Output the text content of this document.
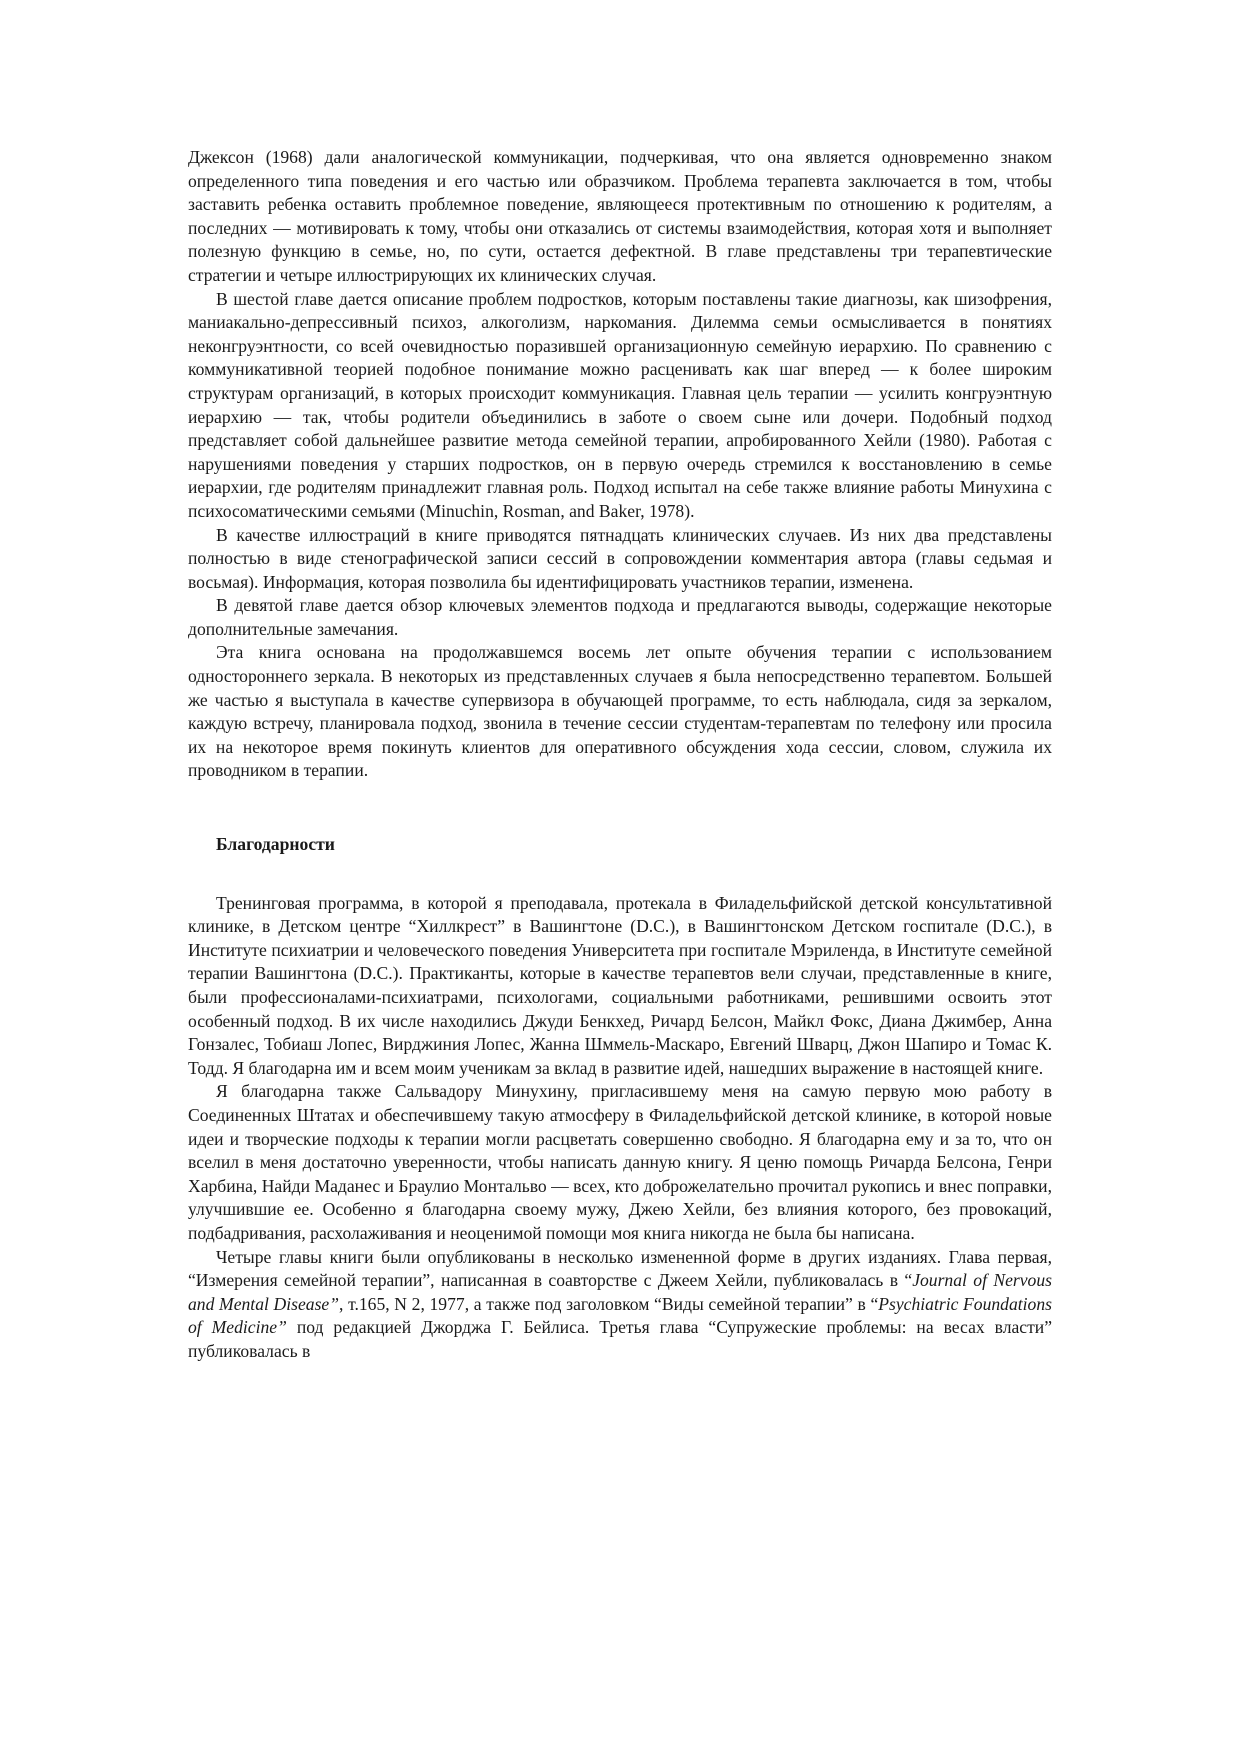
Джексон (1968) дали аналогической коммуникации, подчеркивая, что она является одновременно знаком определенного типа поведения и его частью или образчиком. Проблема терапевта заключается в том, чтобы заставить ребенка оставить проблемное поведение, являющееся протективным по отношению к родителям, а последних — мотивировать к тому, чтобы они отказались от системы взаимодействия, которая хотя и выполняет полезную функцию в семье, но, по сути, остается дефектной. В главе представлены три терапевтические стратегии и четыре иллюстрирующих их клинических случая.

В шестой главе дается описание проблем подростков, которым поставлены такие диагнозы, как шизофрения, маниакально-депрессивный психоз, алкоголизм, наркомания. Дилемма семьи осмысливается в понятиях неконгруэнтности, со всей очевидностью поразившей организационную семейную иерархию. По сравнению с коммуникативной теорией подобное понимание можно расценивать как шаг вперед — к более широким структурам организаций, в которых происходит коммуникация. Главная цель терапии — усилить конгруэнтную иерархию — так, чтобы родители объединились в заботе о своем сыне или дочери. Подобный подход представляет собой дальнейшее развитие метода семейной терапии, апробированного Хейли (1980). Работая с нарушениями поведения у старших подростков, он в первую очередь стремился к восстановлению в семье иерархии, где родителям принадлежит главная роль. Подход испытал на себе также влияние работы Минухина с психосоматическими семьями (Minuchin, Rosman, and Baker, 1978).

В качестве иллюстраций в книге приводятся пятнадцать клинических случаев. Из них два представлены полностью в виде стенографической записи сессий в сопровождении комментария автора (главы седьмая и восьмая). Информация, которая позволила бы идентифицировать участников терапии, изменена.

В девятой главе дается обзор ключевых элементов подхода и предлагаются выводы, содержащие некоторые дополнительные замечания.

Эта книга основана на продолжавшемся восемь лет опыте обучения терапии с использованием одностороннего зеркала. В некоторых из представленных случаев я была непосредственно терапевтом. Большей же частью я выступала в качестве супервизора в обучающей программе, то есть наблюдала, сидя за зеркалом, каждую встречу, планировала подход, звонила в течение сессии студентам-терапевтам по телефону или просила их на некоторое время покинуть клиентов для оперативного обсуждения хода сессии, словом, служила их проводником в терапии.

Благодарности

Тренинговая программа, в которой я преподавала, протекала в Филадельфийской детской консультативной клинике, в Детском центре “Хиллкрест” в Вашингтоне (D.C.), в Вашингтонском Детском госпитале (D.C.), в Институте психиатрии и человеческого поведения Университета при госпитале Мэриленда, в Институте семейной терапии Вашингтона (D.C.). Практиканты, которые в качестве терапевтов вели случаи, представленные в книге, были профессионалами-психиатрами, психологами, социальными работниками, решившими освоить этот особенный подход. В их числе находились Джуди Бенкхед, Ричард Белсон, Майкл Фокс, Диана Джимбер, Анна Гонзалес, Тобиаш Лопес, Вирджиния Лопес, Жанна Шммель-Маскаро, Евгений Шварц, Джон Шапиро и Томас К. Тодд. Я благодарна им и всем моим ученикам за вклад в развитие идей, нашедших выражение в настоящей книге.

Я благодарна также Сальвадору Минухину, пригласившему меня на самую первую мою работу в Соединенных Штатах и обеспечившему такую атмосферу в Филадельфийской детской клинике, в которой новые идеи и творческие подходы к терапии могли расцветать совершенно свободно. Я благодарна ему и за то, что он вселил в меня достаточно уверенности, чтобы написать данную книгу. Я ценю помощь Ричарда Белсона, Генри Харбина, Найди Маданес и Браулио Монтальво — всех, кто доброжелательно прочитал рукопись и внес поправки, улучшившие ее. Особенно я благодарна своему мужу, Джею Хейли, без влияния которого, без провокаций, подбадривания, расхолаживания и неоценимой помощи моя книга никогда не была бы написана.

Четыре главы книги были опубликованы в несколько измененной форме в других изданиях. Глава первая, “Измерения семейной терапии”, написанная в соавторстве с Джеем Хейли, публиковалась в “Journal of Nervous and Mental Disease”, т.165, N 2, 1977, а также под заголовком “Виды семейной терапии” в “Psychiatric Foundations of Medicine” под редакцией Джорджа Г. Бейлиса. Третья глава “Супружеские проблемы: на весах власти” публиковалась в
